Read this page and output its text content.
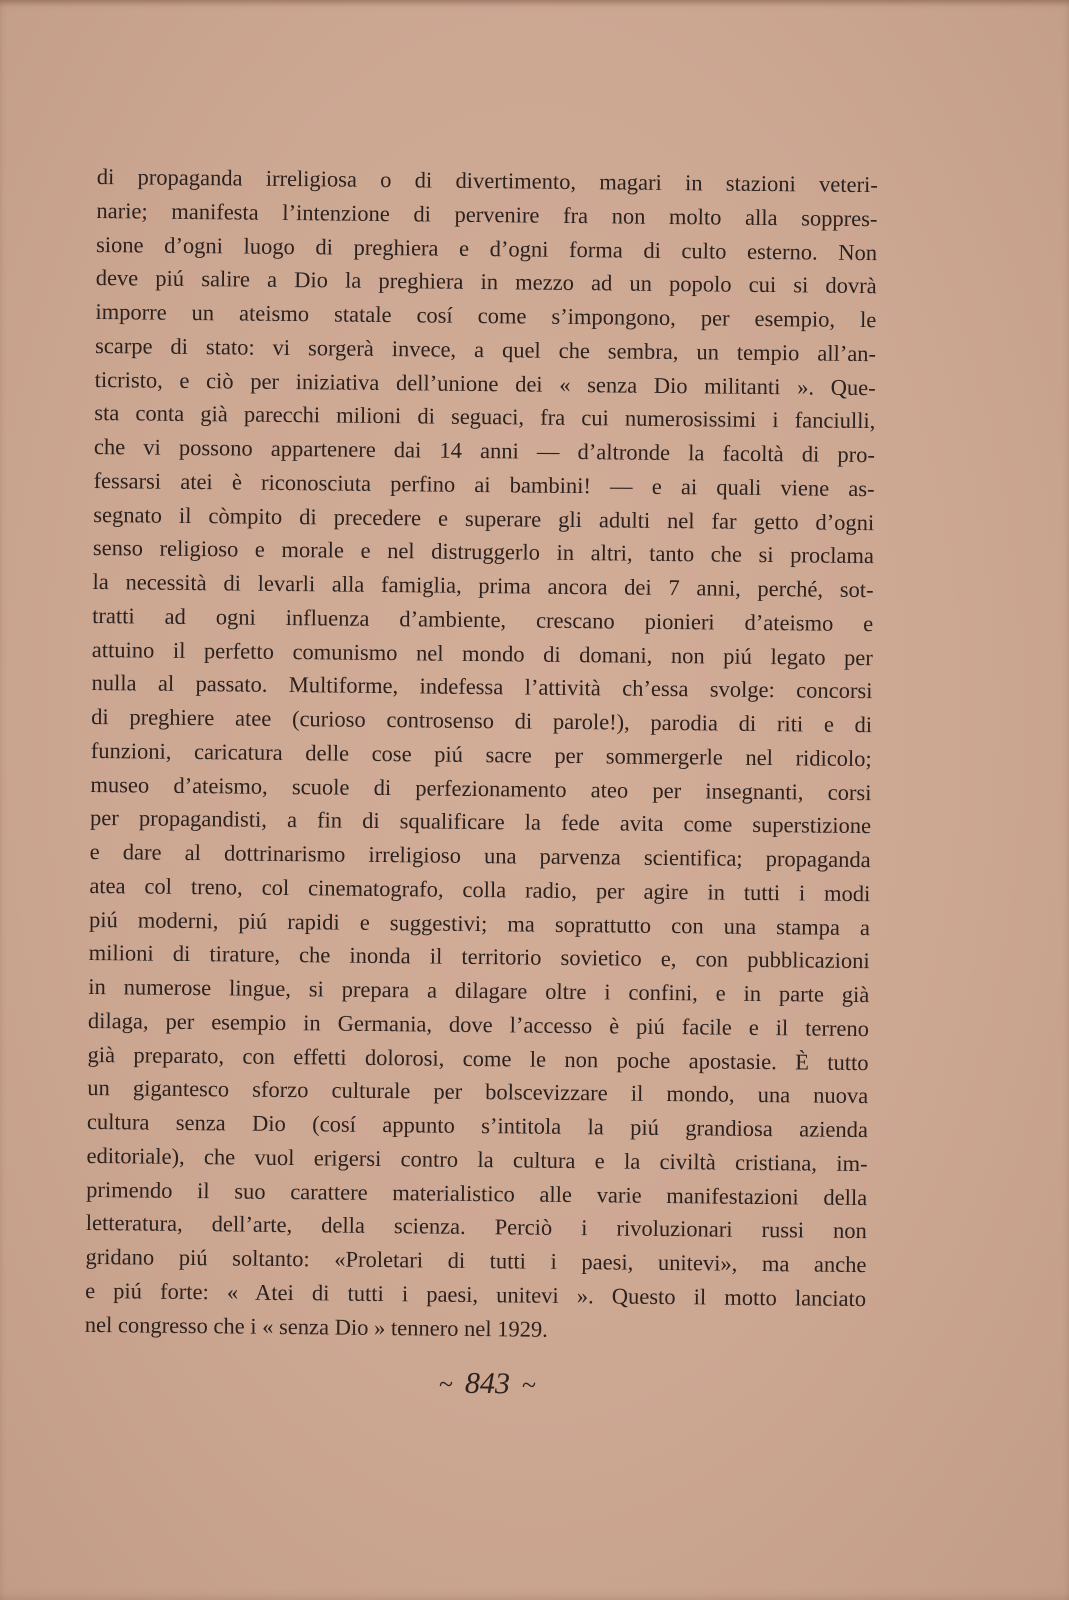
di propaganda irreligiosa o di divertimento, magari in stazioni veteri-
narie; manifesta l’intenzione di pervenire fra non molto alla soppres-
sione d’ogni luogo di preghiera e d’ogni forma di culto esterno. Non
deve piú salire a Dio la preghiera in mezzo ad un popolo cui si dovrà
imporre un ateismo statale cosí come s’impongono, per esempio, le
scarpe di stato: vi sorgerà invece, a quel che sembra, un tempio all’an-
ticristo, e ciò per iniziativa dell’unione dei « senza Dio militanti ». Que-
sta conta già parecchi milioni di seguaci, fra cui numerosissimi i fanciulli,
che vi possono appartenere dai 14 anni — d’altronde la facoltà di pro-
fessarsi atei è riconosciuta perfino ai bambini! — e ai quali viene as-
segnato il còmpito di precedere e superare gli adulti nel far getto d’ogni
senso religioso e morale e nel distruggerlo in altri, tanto che si proclama
la necessità di levarli alla famiglia, prima ancora dei 7 anni, perché, sot-
tratti ad ogni influenza d’ambiente, crescano pionieri d’ateismo e
attuino il perfetto comunismo nel mondo di domani, non piú legato per
nulla al passato. Multiforme, indefessa l’attività ch’essa svolge: concorsi
di preghiere atee (curioso controsenso di parole!), parodia di riti e di
funzioni, caricatura delle cose piú sacre per sommergerle nel ridicolo;
museo d’ateismo, scuole di perfezionamento ateo per insegnanti, corsi
per propagandisti, a fin di squalificare la fede avita come superstizione
e dare al dottrinarismo irreligioso una parvenza scientifica; propaganda
atea col treno, col cinematografo, colla radio, per agire in tutti i modi
piú moderni, piú rapidi e suggestivi; ma soprattutto con una stampa a
milioni di tirature, che inonda il territorio sovietico e, con pubblicazioni
in numerose lingue, si prepara a dilagare oltre i confini, e in parte già
dilaga, per esempio in Germania, dove l’accesso è piú facile e il terreno
già preparato, con effetti dolorosi, come le non poche apostasie. È tutto
un gigantesco sforzo culturale per bolscevizzare il mondo, una nuova
cultura senza Dio (cosí appunto s’intitola la piú grandiosa azienda
editoriale), che vuol erigersi contro la cultura e la civiltà cristiana, im-
primendo il suo carattere materialistico alle varie manifestazioni della
letteratura, dell’arte, della scienza. Perciò i rivoluzionari russi non
gridano piú soltanto: «Proletari di tutti i paesi, unitevi», ma anche
e piú forte: « Atei di tutti i paesi, unitevi ». Questo il motto lanciato
nel congresso che i « senza Dio » tennero nel 1929.
~ 843 ~
